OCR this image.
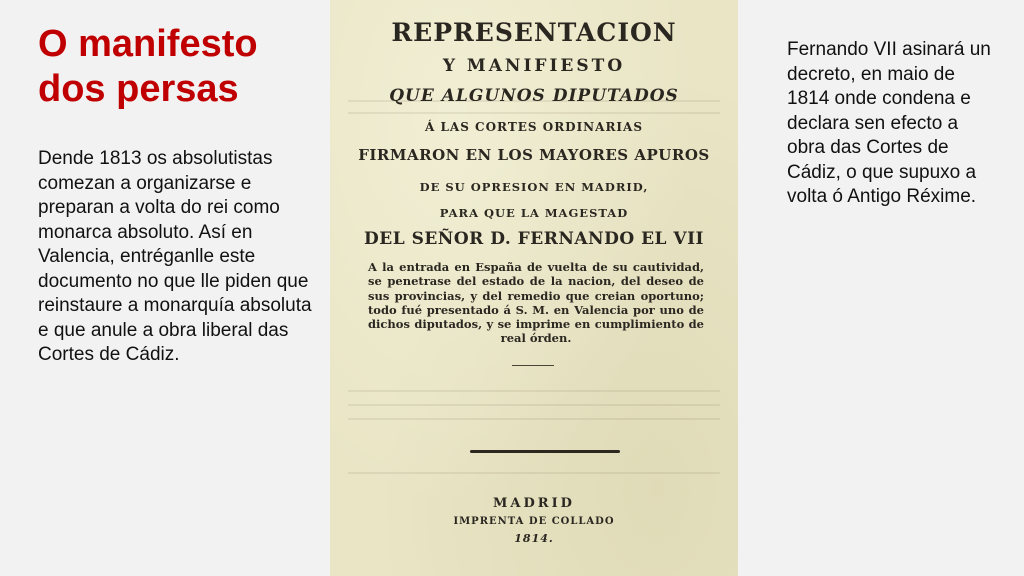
O manifesto dos persas

Dende 1813 os absolutistas comezan a organizarse e preparan a volta do rei como monarca absoluto. Así en Valencia, entréganlle este documento no que lle piden que reinstaure a monarquía absoluta e que anule a obra liberal das Cortes de Cádiz.

REPRESENTACION
Y MANIFIESTO
QUE ALGUNOS DIPUTADOS
Á LAS CORTES ORDINARIAS
FIRMARON EN LOS MAYORES APUROS
DE SU OPRESION EN MADRID,
PARA QUE LA MAGESTAD
DEL SEÑOR D. FERNANDO EL VII
A la entrada en España de vuelta de su cautividad, se penetrase del estado de la nacion, del deseo de sus provincias, y del remedio que creian oportuno; todo fué presentado á S. M. en Valencia por uno de dichos diputados, y se imprime en cumplimiento de real órden.
MADRID
IMPRENTA DE COLLADO
1814.

Fernando VII asinará un decreto, en maio de 1814 onde condena e declara sen efecto a obra das Cortes de Cádiz, o que supuxo a volta ó Antigo Réxime.
